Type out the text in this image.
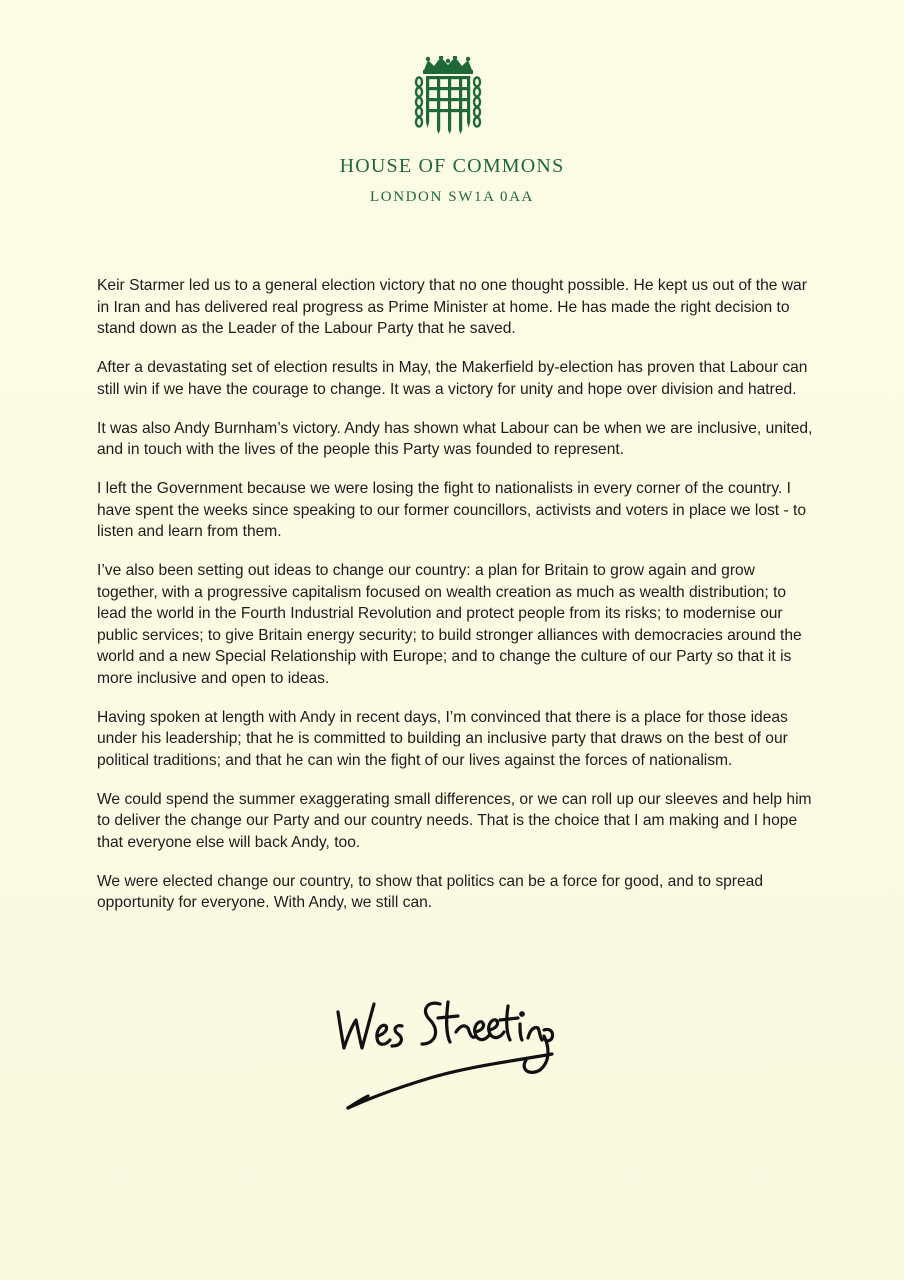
HOUSE OF COMMONS
LONDON SW1A 0AA

Keir Starmer led us to a general election victory that no one thought possible. He kept us out of the war in Iran and has delivered real progress as Prime Minister at home. He has made the right decision to stand down as the Leader of the Labour Party that he saved.

After a devastating set of election results in May, the Makerfield by-election has proven that Labour can still win if we have the courage to change. It was a victory for unity and hope over division and hatred.

It was also Andy Burnham’s victory. Andy has shown what Labour can be when we are inclusive, united, and in touch with the lives of the people this Party was founded to represent.

I left the Government because we were losing the fight to nationalists in every corner of the country. I have spent the weeks since speaking to our former councillors, activists and voters in place we lost - to listen and learn from them.

I’ve also been setting out ideas to change our country: a plan for Britain to grow again and grow together, with a progressive capitalism focused on wealth creation as much as wealth distribution; to lead the world in the Fourth Industrial Revolution and protect people from its risks; to modernise our public services; to give Britain energy security; to build stronger alliances with democracies around the world and a new Special Relationship with Europe; and to change the culture of our Party so that it is more inclusive and open to ideas.

Having spoken at length with Andy in recent days, I’m convinced that there is a place for those ideas under his leadership; that he is committed to building an inclusive party that draws on the best of our political traditions; and that he can win the fight of our lives against the forces of nationalism.

We could spend the summer exaggerating small differences, or we can roll up our sleeves and help him to deliver the change our Party and our country needs. That is the choice that I am making and I hope that everyone else will back Andy, too.

We were elected change our country, to show that politics can be a force for good, and to spread opportunity for everyone. With Andy, we still can.
